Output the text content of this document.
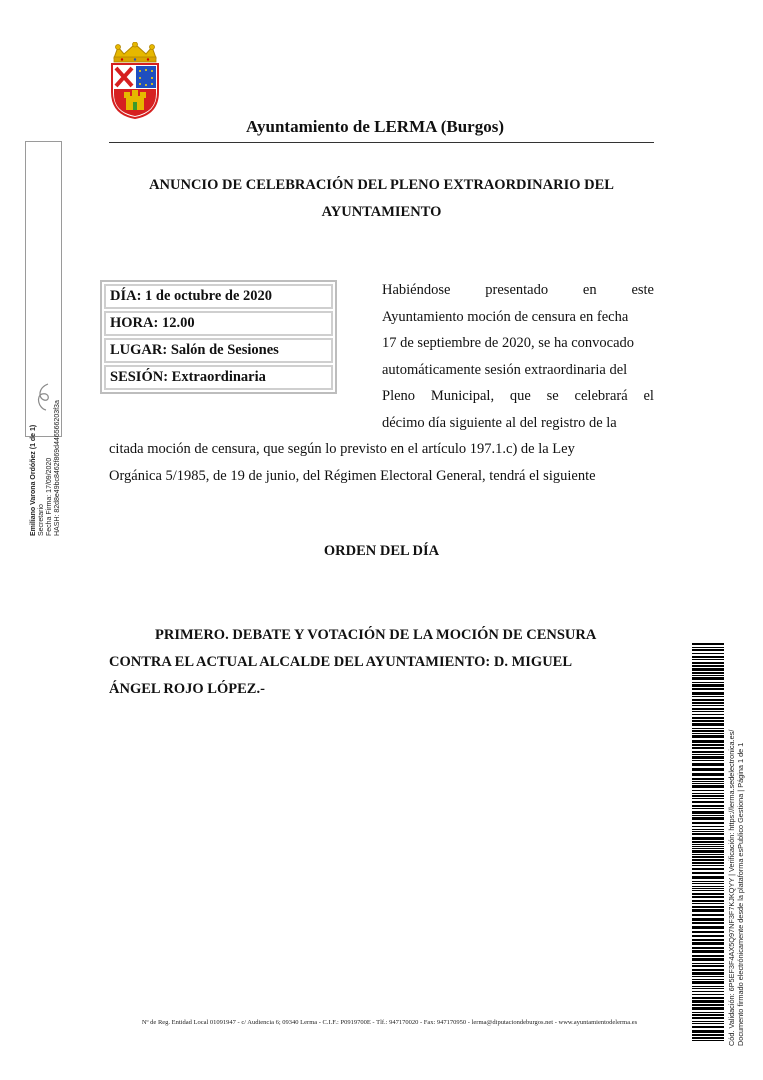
Ayuntamiento de LERMA (Burgos)
Emiliano Varona Ordóñez (1 de 1) Secretario Fecha Firma: 17/09/2020 HASH: 82d8e49bc8462f869d446566203f3a
ANUNCIO DE CELEBRACIÓN DEL PLENO EXTRAORDINARIO DEL
AYUNTAMIENTO
DÍA: 1 de octubre de 2020
HORA: 12.00
LUGAR: Salón de Sesiones
SESIÓN: Extraordinaria
Habiéndose presentado en este
Ayuntamiento moción de censura en fecha
17 de septiembre de 2020, se ha convocado
automáticamente sesión extraordinaria del
Pleno Municipal, que se celebrará el
décimo día siguiente al del registro de la
citada moción de censura, que según lo previsto en el artículo 197.1.c) de la Ley
Orgánica 5/1985, de 19 de junio, del Régimen Electoral General, tendrá el siguiente
ORDEN DEL DÍA
PRIMERO. DEBATE Y VOTACIÓN DE LA MOCIÓN DE CENSURA
CONTRA EL ACTUAL ALCALDE DEL AYUNTAMIENTO: D. MIGUEL
ÁNGEL ROJO LÓPEZ.-
Nº de Reg. Entidad Local 01091947 - c/ Audiencia 6; 09340 Lerma - C.I.F.: P0919700E - Tlf.: 947170020 - Fax: 947170950 - lerma@diputaciondeburgos.net - www.ayuntamientodelerma.es	Cód. Validación: 6P5EF3F4AX5Q97NF3F7KJKQYY | Verificación: https://lerma.sedelectronica.es/ Documento firmado electrónicamente desde la plataforma esPublico Gestiona | Página 1 de 1
